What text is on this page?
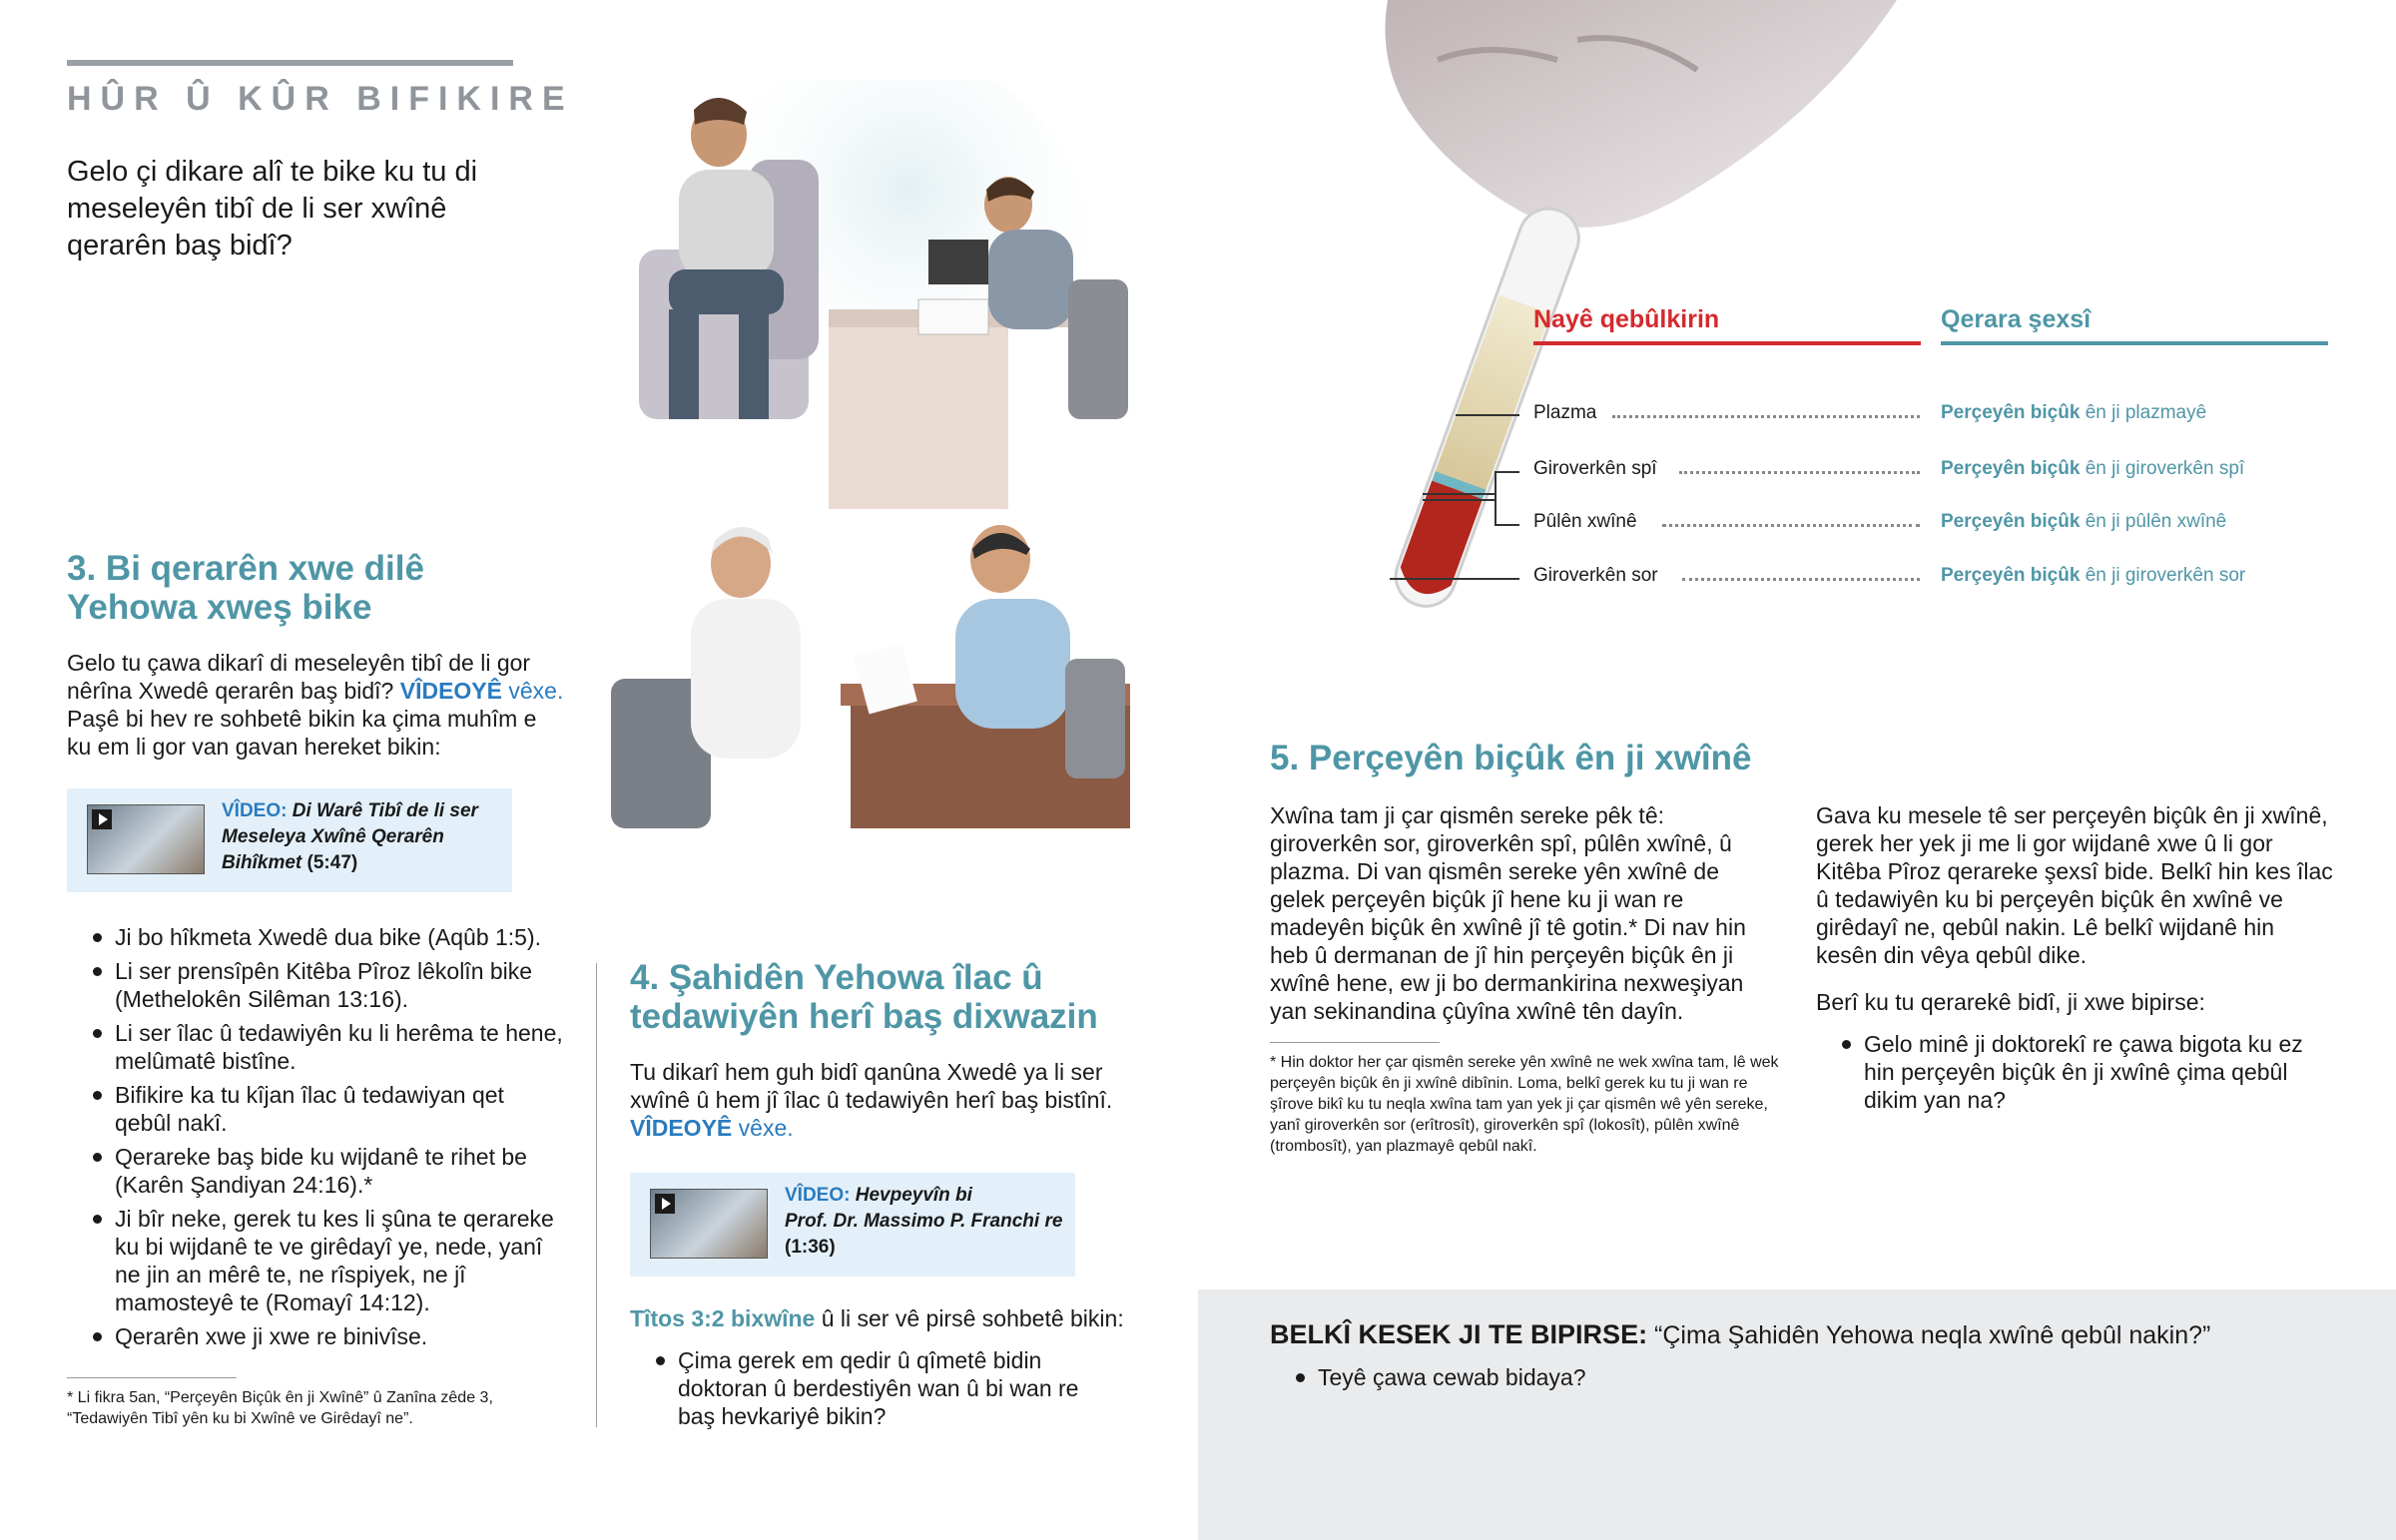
HÛR Û KÛR BIFIKIRE
Gelo çi dikare alî te bike ku tu di meseleyên tibî de li ser xwînê qerarên baş bidî?
3. Bi qerarên xwe dilê
Yehowa xweş bike
Gelo tu çawa dikarî di meseleyên tibî de li gor nêrîna Xwedê qerarên baş bidî? VÎDEOYÊ vêxe. Paşê bi hev re sohbetê bikin ka çima muhîm e ku em li gor van gavan hereket bikin:
VÎDEO: Di Warê Tibî de li ser Meseleya Xwînê Qerarên Bihîkmet (5:47)
Ji bo hîkmeta Xwedê dua bike (Aqûb 1:5).
Li ser prensîpên Kitêba Pîroz lêkolîn bike (Methelokên Silêman 13:16).
Li ser îlac û tedawiyên ku li herêma te hene, melûmatê bistîne.
Bifikire ka tu kîjan îlac û tedawiyan qet qebûl nakî.
Qerareke baş bide ku wijdanê te rihet be (Karên Şandiyan 24:16).*
Ji bîr neke, gerek tu kes li şûna te qerareke ku bi wijdanê te ve girêdayî ye, nede, yanî ne jin an mêrê te, ne rîspiyek, ne jî mamosteyê te (Romayî 14:12).
Qerarên xwe ji xwe re binivîse.
* Li fikra 5an, “Perçeyên Biçûk ên ji Xwînê” û Zanîna zêde 3, “Tedawiyên Tibî yên ku bi Xwînê ve Girêdayî ne”.
4. Şahidên Yehowa îlac û
tedawiyên herî baş dixwazin
Tu dikarî hem guh bidî qanûna Xwedê ya li ser xwînê û hem jî îlac û tedawiyên herî baş bistînî. VÎDEOYÊ vêxe.
VÎDEO: Hevpeyvîn bi
Prof. Dr. Massimo P. Franchi re
(1:36)
Tîtos 3:2 bixwîne û li ser vê pirsê sohbetê bikin:
Çima gerek em qedir û qîmetê bidin doktoran û berdestiyên wan û bi wan re baş hevkariyê bikin?
Nayê qebûlkirin	Qerara şexsî
Plazma	Perçeyên biçûk ên ji plazmayê
Giroverkên spî	Perçeyên biçûk ên ji giroverkên spî
Pûlên xwînê	Perçeyên biçûk ên ji pûlên xwînê
Giroverkên sor	Perçeyên biçûk ên ji giroverkên sor
5. Perçeyên biçûk ên ji xwînê
Xwîna tam ji çar qismên sereke pêk tê: giroverkên sor, giroverkên spî, pûlên xwînê, û plazma. Di van qismên sereke yên xwînê de gelek perçeyên biçûk jî hene ku ji wan re madeyên biçûk ên xwînê jî tê gotin.* Di nav hin heb û dermanan de jî hin perçeyên biçûk ên ji xwînê hene, ew ji bo dermankirina nexweşiyan yan sekinandina çûyîna xwînê tên dayîn.
* Hin doktor her çar qismên sereke yên xwînê ne wek xwîna tam, lê wek perçeyên biçûk ên ji xwînê dibînin. Loma, belkî gerek ku tu ji wan re şîrove bikî ku tu neqla xwîna tam yan yek ji çar qismên wê yên sereke, yanî giroverkên sor (erîtrosît), giroverkên spî (lokosît), pûlên xwînê (trombosît), yan plazmayê qebûl nakî.
Gava ku mesele tê ser perçeyên biçûk ên ji xwînê, gerek her yek ji me li gor wijdanê xwe û li gor Kitêba Pîroz qerareke şexsî bide. Belkî hin kes îlac û tedawiyên ku bi perçeyên biçûk ên xwînê ve girêdayî ne, qebûl nakin. Lê belkî wijdanê hin kesên din vêya qebûl dike.
Berî ku tu qerarekê bidî, ji xwe bipirse:
Gelo minê ji doktorekî re çawa bigota ku ez hin perçeyên biçûk ên ji xwînê çima qebûl dikim yan na?
BELKÎ KESEK JI TE BIPIRSE: “Çima Şahidên Yehowa neqla xwînê qebûl nakin?”
Teyê çawa cewab bidaya?
